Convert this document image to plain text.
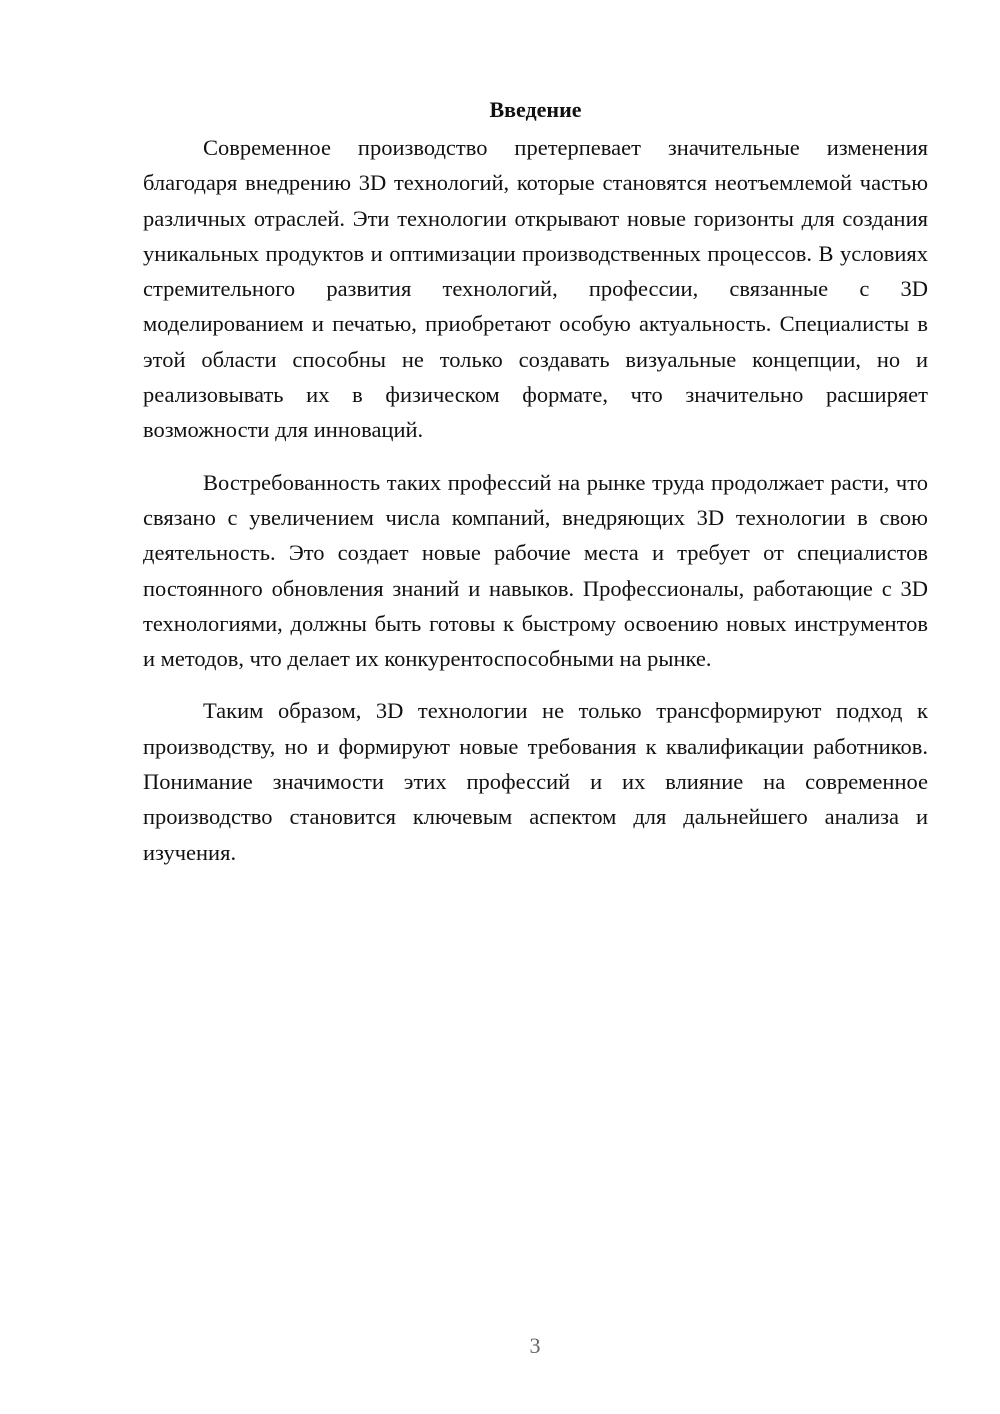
Введение

Современное производство претерпевает значительные изменения благодаря внедрению 3D технологий, которые становятся неотъемлемой частью различных отраслей. Эти технологии открывают новые горизонты для создания уникальных продуктов и оптимизации производственных процессов. В условиях стремительного развития технологий, профессии, связанные с 3D моделированием и печатью, приобретают особую актуальность. Специалисты в этой области способны не только создавать визуальные концепции, но и реализовывать их в физическом формате, что значительно расширяет возможности для инноваций.

Востребованность таких профессий на рынке труда продолжает расти, что связано с увеличением числа компаний, внедряющих 3D технологии в свою деятельность. Это создает новые рабочие места и требует от специалистов постоянного обновления знаний и навыков. Профессионалы, работающие с 3D технологиями, должны быть готовы к быстрому освоению новых инструментов и методов, что делает их конкурентоспособными на рынке.

Таким образом, 3D технологии не только трансформируют подход к производству, но и формируют новые требования к квалификации работников. Понимание значимости этих профессий и их влияние на современное производство становится ключевым аспектом для дальнейшего анализа и изучения.

3
